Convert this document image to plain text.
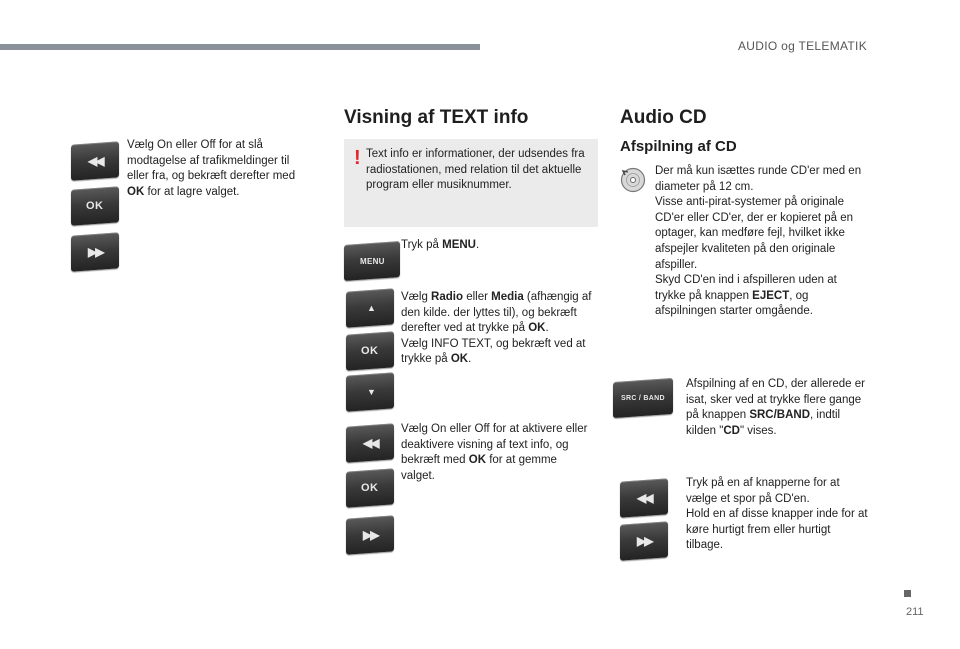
AUDIO og TELEMATIK
◀◀
OK
▶▶
Vælg On eller Off for at slå modtagelse af trafikmeldinger til eller fra, og bekræft derefter med OK for at lagre valget.
Visning af TEXT info
! Text info er informationer, der udsendes fra radiostationen, med relation til det aktuelle program eller musiknummer.
MENU
Tryk på MENU.
▲
OK
▼
Vælg Radio eller Media (afhængig af den kilde. der lyttes til), og bekræft derefter ved at trykke på OK.
Vælg INFO TEXT, og bekræft ved at trykke på OK.
◀◀
OK
▶▶
Vælg On eller Off for at aktivere eller deaktivere visning af text info, og bekræft med OK for at gemme valget.
Audio CD
Afspilning af CD
Der må kun isættes runde CD'er med en diameter på 12 cm.
Visse anti-pirat-systemer på originale CD'er eller CD'er, der er kopieret på en optager, kan medføre fejl, hvilket ikke afspejler kvaliteten på den originale afspiller.
Skyd CD'en ind i afspilleren uden at trykke på knappen EJECT, og afspilningen starter omgående.
SRC / BAND
Afspilning af en CD, der allerede er isat, sker ved at trykke flere gange på knappen SRC/BAND, indtil kilden "CD" vises.
◀◀
▶▶
Tryk på en af knapperne for at vælge et spor på CD'en.
Hold en af disse knapper inde for at køre hurtigt frem eller hurtigt tilbage.
211
